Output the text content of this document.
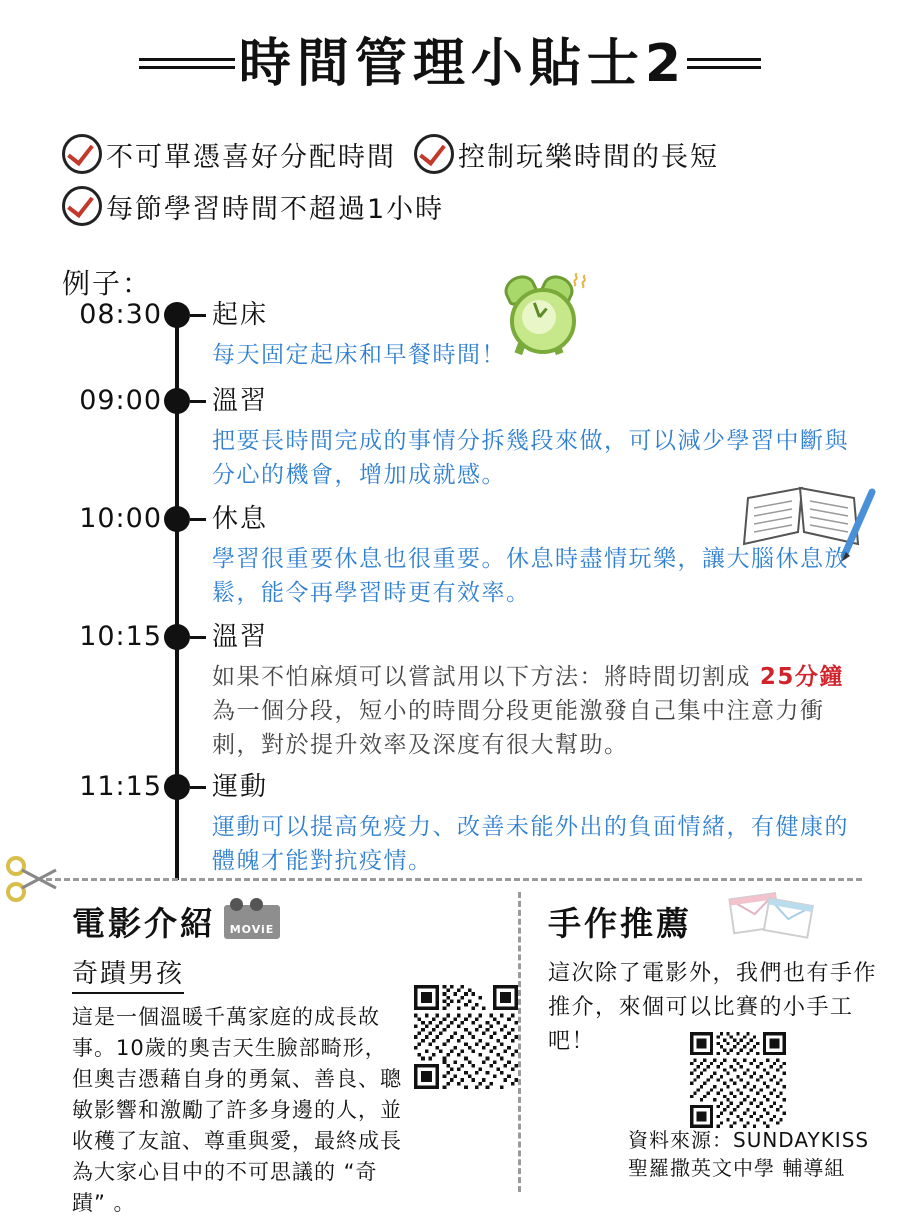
時間管理小貼士2
不可單憑喜好分配時間 控制玩樂時間的長短
每節學習時間不超過1小時
例子：	⌇⌇
08:30 起床
每天固定起床和早餐時間！
09:00 溫習
把要長時間完成的事情分拆幾段來做，可以減少學習中斷與分心的機會，增加成就感。
10:00 休息
學習很重要休息也很重要。休息時盡情玩樂，讓大腦休息放鬆，能令再學習時更有效率。
10:15 溫習
如果不怕麻煩可以嘗試用以下方法：將時間切割成 25分鐘為一個分段，短小的時間分段更能激發自己集中注意力衝刺，對於提升效率及深度有很大幫助。
11:15 運動
運動可以提高免疫力、改善未能外出的負面情緒，有健康的體魄才能對抗疫情。
電影介紹	MOViE
奇蹟男孩
這是一個溫暖千萬家庭的成長故事。10歲的奧吉天生臉部畸形，但奧吉憑藉自身的勇氣、善良、聰敏影響和激勵了許多身邊的人，並收穫了友誼、尊重與愛，最終成長為大家心目中的不可思議的 “奇蹟” 。
手作推薦
這次除了電影外，我們也有手作推介，來個可以比賽的小手工吧！
資料來源：SUNDAYKISS
聖羅撒英文中學 輔導組
